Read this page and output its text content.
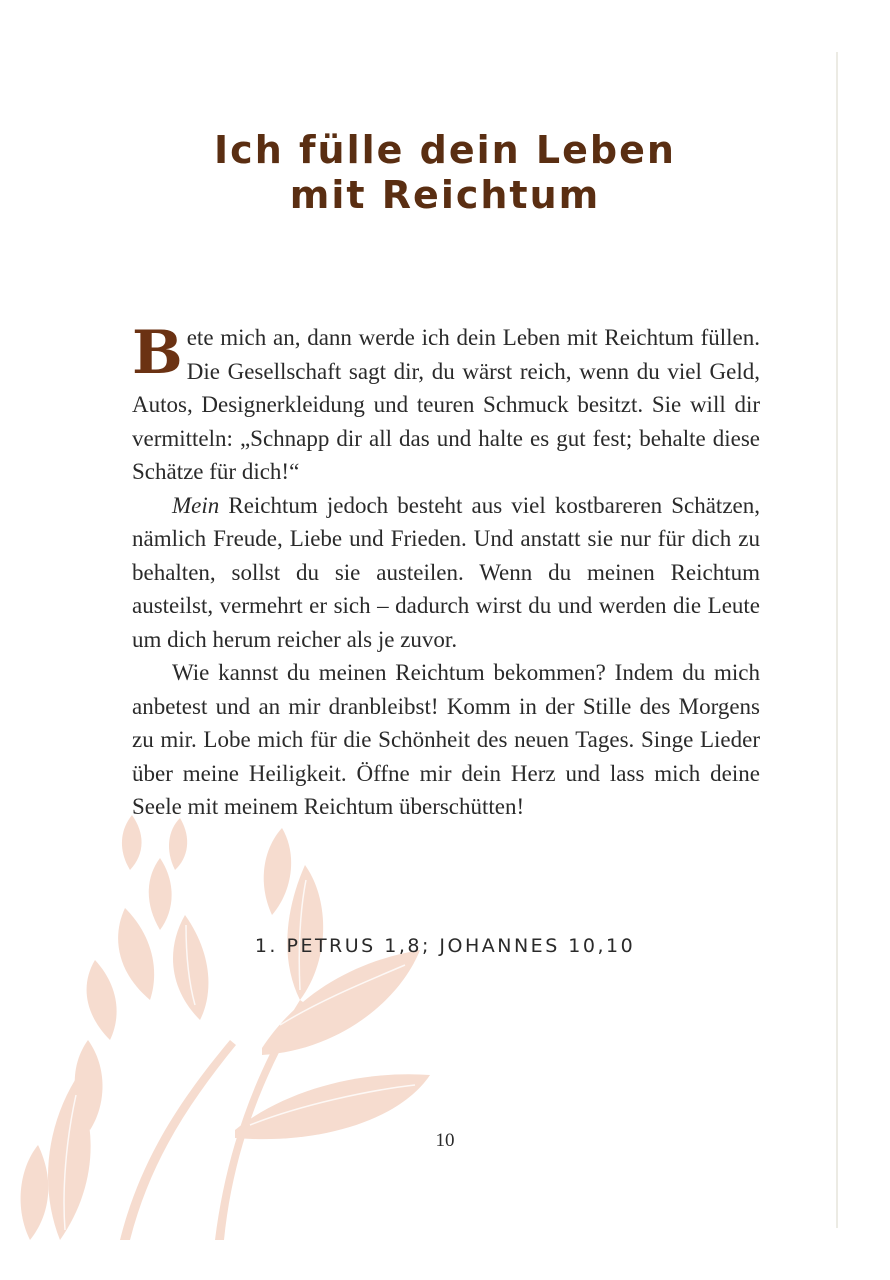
Ich fülle dein Leben
mit Reichtum

Bete mich an, dann werde ich dein Leben mit Reichtum füllen. Die Gesellschaft sagt dir, du wärst reich, wenn du viel Geld, Autos, Designerkleidung und teuren Schmuck besitzt. Sie will dir vermitteln: „Schnapp dir all das und halte es gut fest; behalte diese Schätze für dich!“

Mein Reichtum jedoch besteht aus viel kostbareren Schätzen, nämlich Freude, Liebe und Frieden. Und anstatt sie nur für dich zu behalten, sollst du sie austeilen. Wenn du meinen Reichtum austeilst, vermehrt er sich – dadurch wirst du und werden die Leute um dich herum reicher als je zuvor.

Wie kannst du meinen Reichtum bekommen? Indem du mich anbetest und an mir dranbleibst! Komm in der Stille des Morgens zu mir. Lobe mich für die Schönheit des neuen Tages. Singe Lieder über meine Heiligkeit. Öffne mir dein Herz und lass mich deine Seele mit meinem Reichtum überschütten!

1. PETRUS 1,8; JOHANNES 10,10
10
